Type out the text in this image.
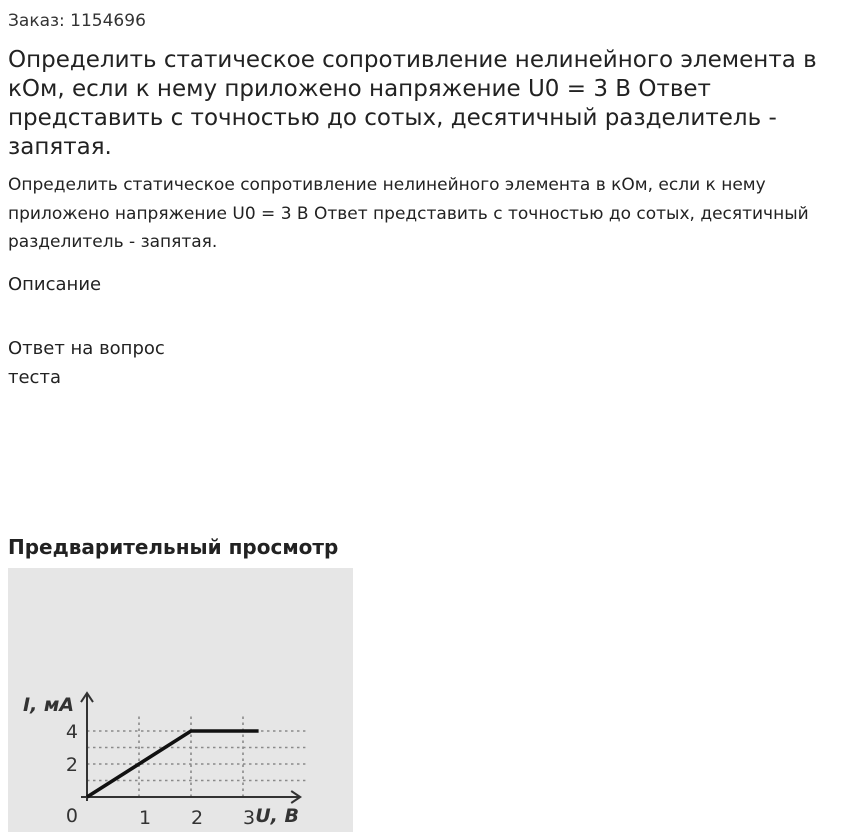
Заказ: 1154696
Определить статическое сопротивление нелинейного элемента в кОм, если к нему приложено напряжение U0 = 3 В Ответ представить с точностью до сотых, десятичный разделитель - запятая.

Определить статическое сопротивление нелинейного элемента в кОм, если к нему приложено напряжение U0 = 3 В Ответ представить с точностью до сотых, десятичный разделитель - запятая.

Описание
Ответ на вопрос теста
Предварительный просмотр
1 2 3
2
4
0	U, B
I, мА
